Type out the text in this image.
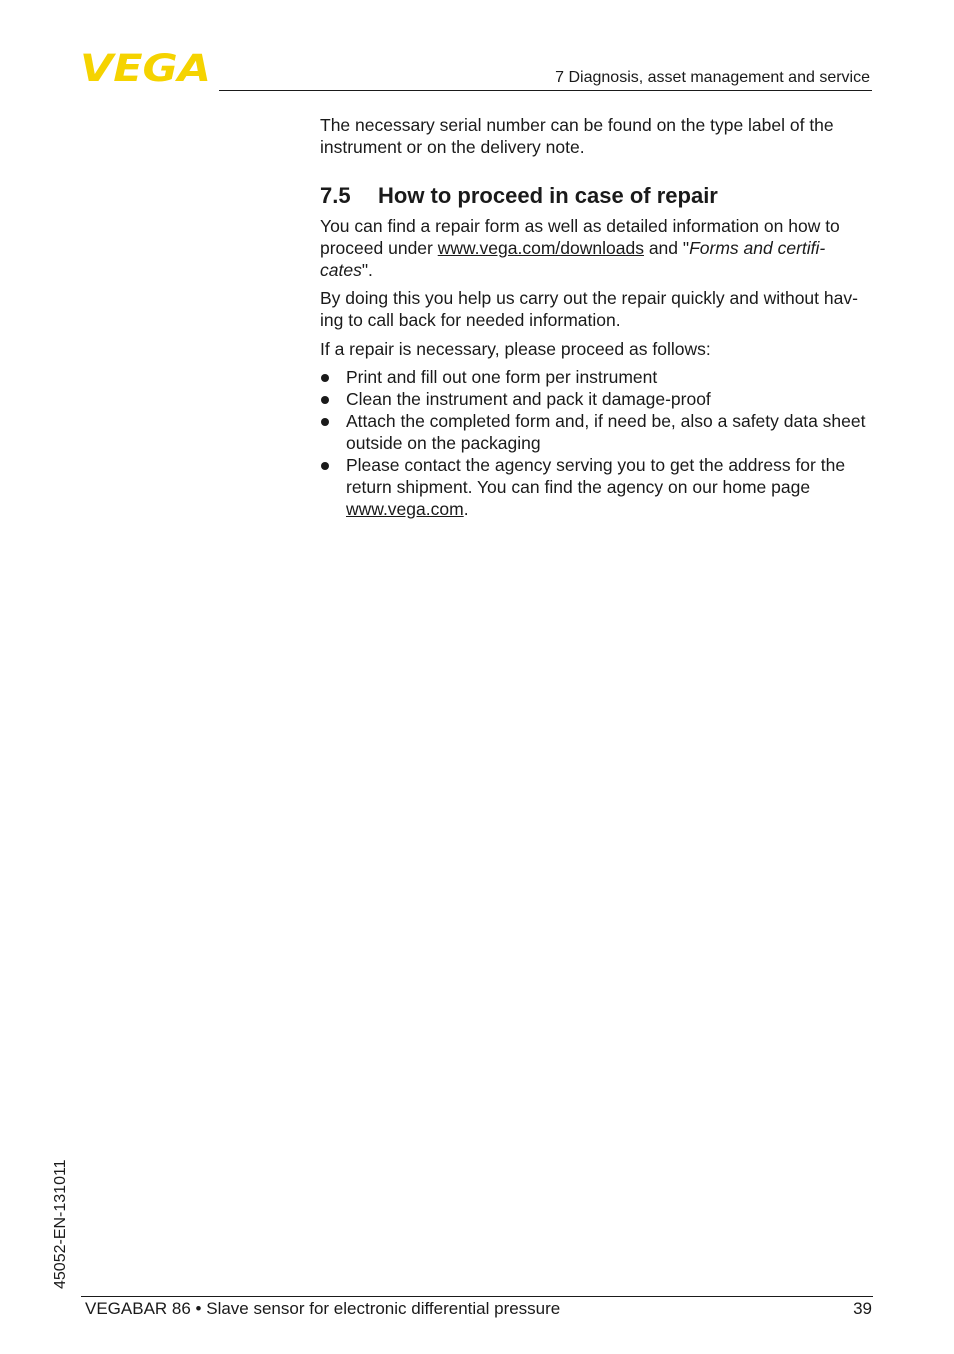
VEGA	7 Diagnosis, asset management and service

The necessary serial number can be found on the type label of the instrument or on the delivery note.

7.5 How to proceed in case of repair

You can find a repair form as well as detailed information on how to proceed under www.vega.com/downloads and "Forms and certificates".

By doing this you help us carry out the repair quickly and without having to call back for needed information.

If a repair is necessary, please proceed as follows:

Print and fill out one form per instrument
Clean the instrument and pack it damage-proof
Attach the completed form and, if need be, also a safety data sheet outside on the packaging
Please contact the agency serving you to get the address for the return shipment. You can find the agency on our home page www.vega.com.
45052-EN-131011
VEGABAR 86 • Slave sensor for electronic differential pressure	39
